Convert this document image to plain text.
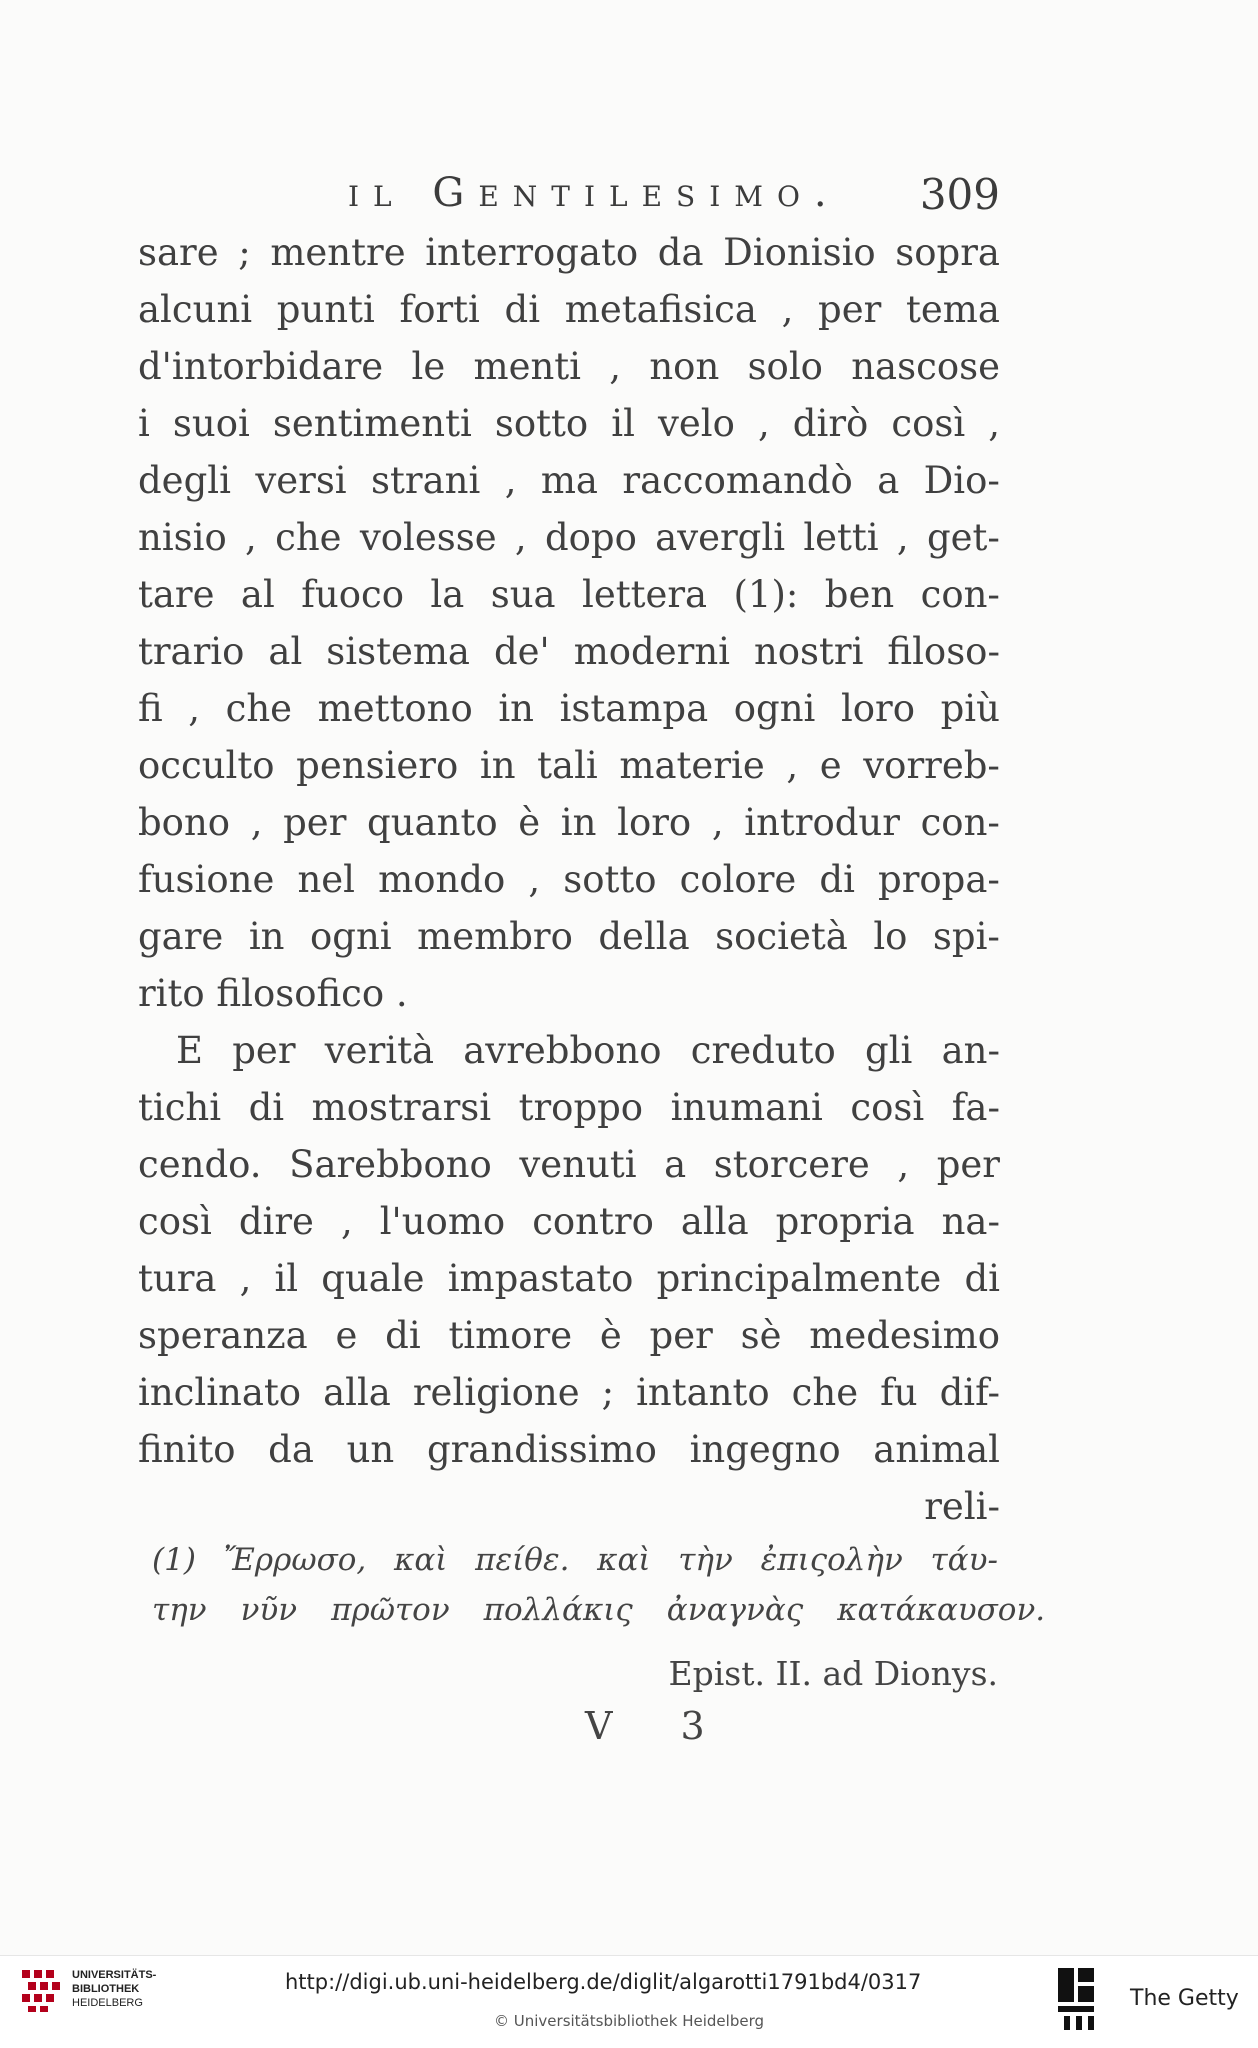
il Gentilesimo. 309
sare ; mentre interrogato da Dionisio sopra
alcuni punti forti di metafisica , per tema
d'intorbidare le menti , non solo nascose
i suoi sentimenti sotto il velo , dirò così ,
degli versi strani , ma raccomandò a Dio-
nisio , che volesse , dopo avergli letti , get-
tare al fuoco la sua lettera (1): ben con-
trario al sistema de' moderni nostri filoso-
fi , che mettono in istampa ogni loro più
occulto pensiero in tali materie , e vorreb-
bono , per quanto è in loro , introdur con-
fusione nel mondo , sotto colore di propa-
gare in ogni membro della società lo spi-
rito filosofico .
E per verità avrebbono creduto gli an-
tichi di mostrarsi troppo inumani così fa-
cendo. Sarebbono venuti a storcere , per
così dire , l'uomo contro alla propria na-
tura , il quale impastato principalmente di
speranza e di timore è per sè medesimo
inclinato alla religione ; intanto che fu dif-
finito da un grandissimo ingegno animal
reli-
(1) Ἔρρωσο, καὶ πείθε. καὶ τὴν ἐπιςολὴν τάυ-
την νῦν πρῶτον πολλάκις ἀναγνὰς κατάκαυσον.
Epist. II. ad Dionys.
V 3
UNIVERSITÄTS-
BIBLIOTHEK
HEIDELBERG
http://digi.ub.uni-heidelberg.de/diglit/algarotti1791bd4/0317
© Universitätsbibliothek Heidelberg
The Getty
